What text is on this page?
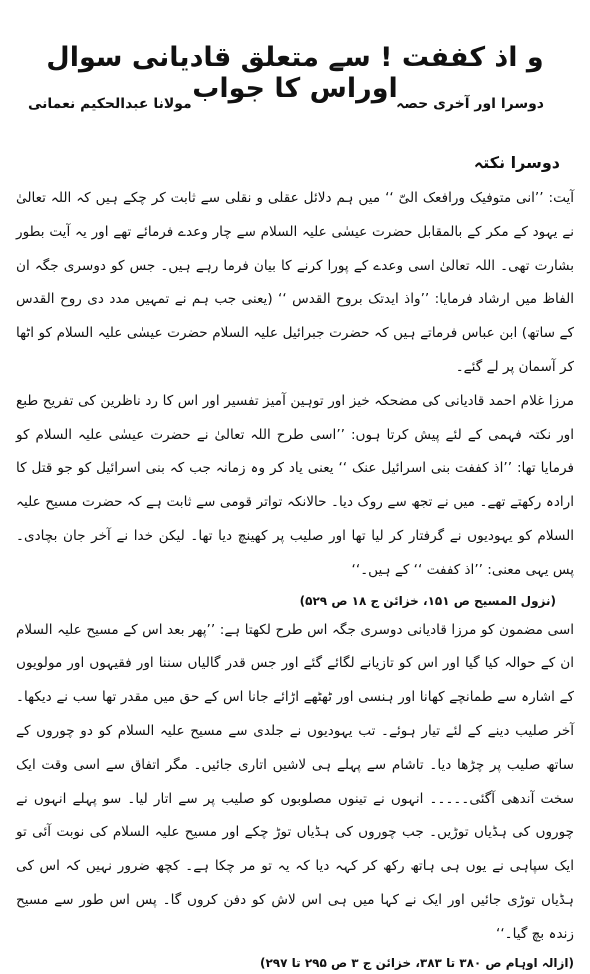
و اذ کففت ! سے متعلق قادیانی سوال اوراس کا جواب
دوسرا اور آخری حصہ
مولانا عبدالحکیم نعمانی
دوسرا نکتہ

آیت: ’’انی متوفیک ورافعک الیّ ‘‘ میں ہم دلائل عقلی و نقلی سے ثابت کر چکے ہیں کہ اللہ تعالیٰ نے یہود کے مکر کے بالمقابل حضرت عیسٰی علیہ السلام سے چار وعدے فرمائے تھے اور یہ آیت بطور بشارت تھی۔ اللہ تعالیٰ اسی وعدے کے پورا کرنے کا بیان فرما رہے ہیں۔ جس کو دوسری جگہ ان الفاظ میں ارشاد فرمایا: ’’واذ ایدتک بروح القدس ‘‘ (یعنی جب ہم نے تمہیں مدد دی روح القدس کے ساتھ) ابن عباس فرماتے ہیں کہ حضرت جبرائیل علیہ السلام حضرت عیسٰی علیہ السلام کو اٹھا کر آسمان پر لے گئے۔

مرزا غلام احمد قادیانی کی مضحکہ خیز اور توہین آمیز تفسیر اور اس کا رد ناظرین کی تفریح طبع اور نکتہ فہمی کے لئے پیش کرتا ہوں: ’’اسی طرح اللہ تعالیٰ نے حضرت عیسٰی علیہ السلام کو فرمایا تھا: ’’اذ کففت بنی اسرائیل عنک ‘‘ یعنی یاد کر وہ زمانہ جب کہ بنی اسرائیل کو جو قتل کا ارادہ رکھتے تھے۔ میں نے تجھ سے روک دیا۔ حالانکہ تواتر قومی سے ثابت ہے کہ حضرت مسیح علیہ السلام کو یہودیوں نے گرفتار کر لیا تھا اور صلیب پر کھینچ دیا تھا۔ لیکن خدا نے آخر جان بچادی۔ پس یہی معنی: ’’اذ کففت ‘‘ کے ہیں۔‘‘

(نزول المسیح ص ۱۵۱، خزائن ج ۱۸ ص ۵۲۹)

اسی مضمون کو مرزا قادیانی دوسری جگہ اس طرح لکھتا ہے: ’’پھر بعد اس کے مسیح علیہ السلام ان کے حوالہ کیا گیا اور اس کو تازیانے لگائے گئے اور جس قدر گالیاں سننا اور فقیہوں اور مولویوں کے اشارہ سے طمانچے کھانا اور ہنسی اور ٹھٹھے اڑائے جانا اس کے حق میں مقدر تھا سب نے دیکھا۔ آخر صلیب دینے کے لئے تیار ہوئے۔ تب یہودیوں نے جلدی سے مسیح علیہ السلام کو دو چوروں کے ساتھ صلیب پر چڑھا دیا۔ تاشام سے پہلے ہی لاشیں اتاری جائیں۔ مگر اتفاق سے اسی وقت ایک سخت آندھی آگئی۔۔۔۔۔ انہوں نے تینوں مصلوبوں کو صلیب پر سے اتار لیا۔ سو پہلے انہوں نے چوروں کی ہڈیاں توڑیں۔ جب چوروں کی ہڈیاں توڑ چکے اور مسیح علیہ السلام کی نوبت آئی تو ایک سپاہی نے یوں ہی ہاتھ رکھ کر کہہ دیا کہ یہ تو مر چکا ہے۔ کچھ ضرور نہیں کہ اس کی ہڈیاں توڑی جائیں اور ایک نے کہا میں ہی اس لاش کو دفن کروں گا۔ پس اس طور سے مسیح زندہ بچ گیا۔‘‘

(ازالہ اوہام ص ۳۸۰ تا ۳۸۳، خزائن ج ۳ ص ۲۹۵ تا ۲۹۷)
